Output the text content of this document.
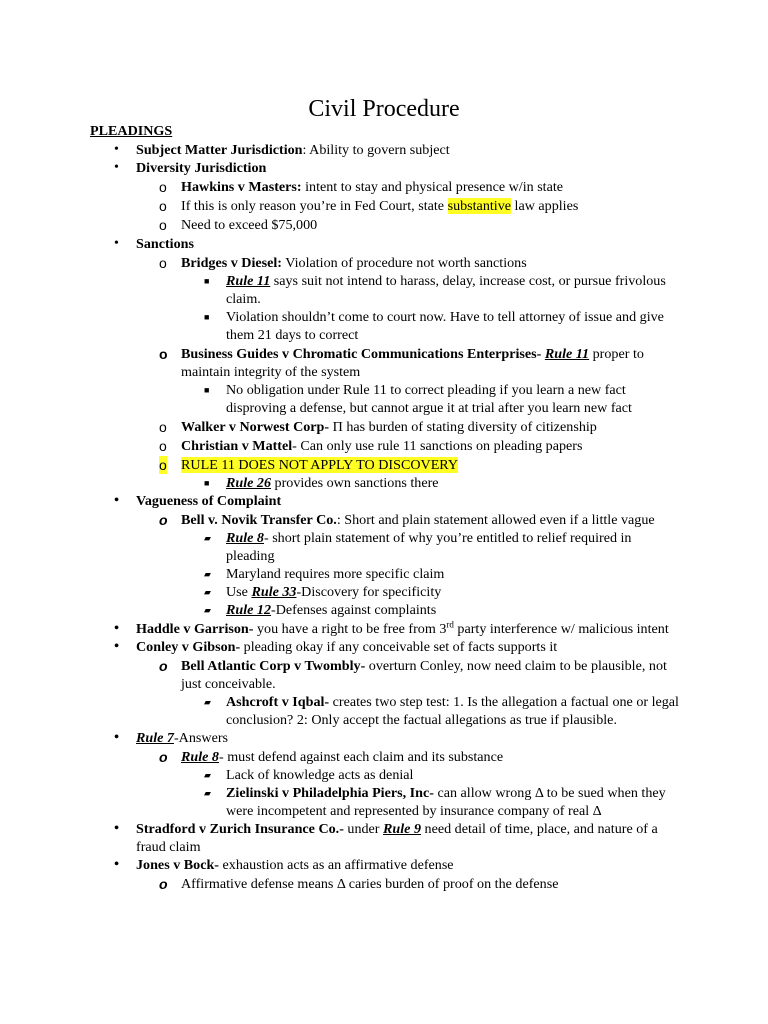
Civil Procedure
PLEADINGS
• Subject Matter Jurisdiction: Ability to govern subject
• Diversity Jurisdiction
o Hawkins v Masters: intent to stay and physical presence w/in state
o If this is only reason you’re in Fed Court, state substantive law applies
o Need to exceed $75,000
• Sanctions
o Bridges v Diesel: Violation of procedure not worth sanctions
■ Rule 11 says suit not intend to harass, delay, increase cost, or pursue frivolous claim.
■ Violation shouldn’t come to court now. Have to tell attorney of issue and give them 21 days to correct
o Business Guides v Chromatic Communications Enterprises- Rule 11 proper to maintain integrity of the system
■ No obligation under Rule 11 to correct pleading if you learn a new fact disproving a defense, but cannot argue it at trial after you learn new fact
o Walker v Norwest Corp- Π has burden of stating diversity of citizenship
o Christian v Mattel- Can only use rule 11 sanctions on pleading papers
o RULE 11 DOES NOT APPLY TO DISCOVERY
■ Rule 26 provides own sanctions there
• Vagueness of Complaint
o Bell v. Novik Transfer Co.: Short and plain statement allowed even if a little vague
▰ Rule 8- short plain statement of why you’re entitled to relief required in pleading
▰ Maryland requires more specific claim
▰ Use Rule 33-Discovery for specificity
▰ Rule 12-Defenses against complaints
• Haddle v Garrison- you have a right to be free from 3rd party interference w/ malicious intent
• Conley v Gibson- pleading okay if any conceivable set of facts supports it
o Bell Atlantic Corp v Twombly- overturn Conley, now need claim to be plausible, not just conceivable.
▰ Ashcroft v Iqbal- creates two step test: 1. Is the allegation a factual one or legal conclusion? 2: Only accept the factual allegations as true if plausible.
• Rule 7-Answers
o Rule 8- must defend against each claim and its substance
▰ Lack of knowledge acts as denial
▰ Zielinski v Philadelphia Piers, Inc- can allow wrong Δ to be sued when they were incompetent and represented by insurance company of real Δ
• Stradford v Zurich Insurance Co.- under Rule 9 need detail of time, place, and nature of a fraud claim
• Jones v Bock- exhaustion acts as an affirmative defense
o Affirmative defense means Δ caries burden of proof on the defense
